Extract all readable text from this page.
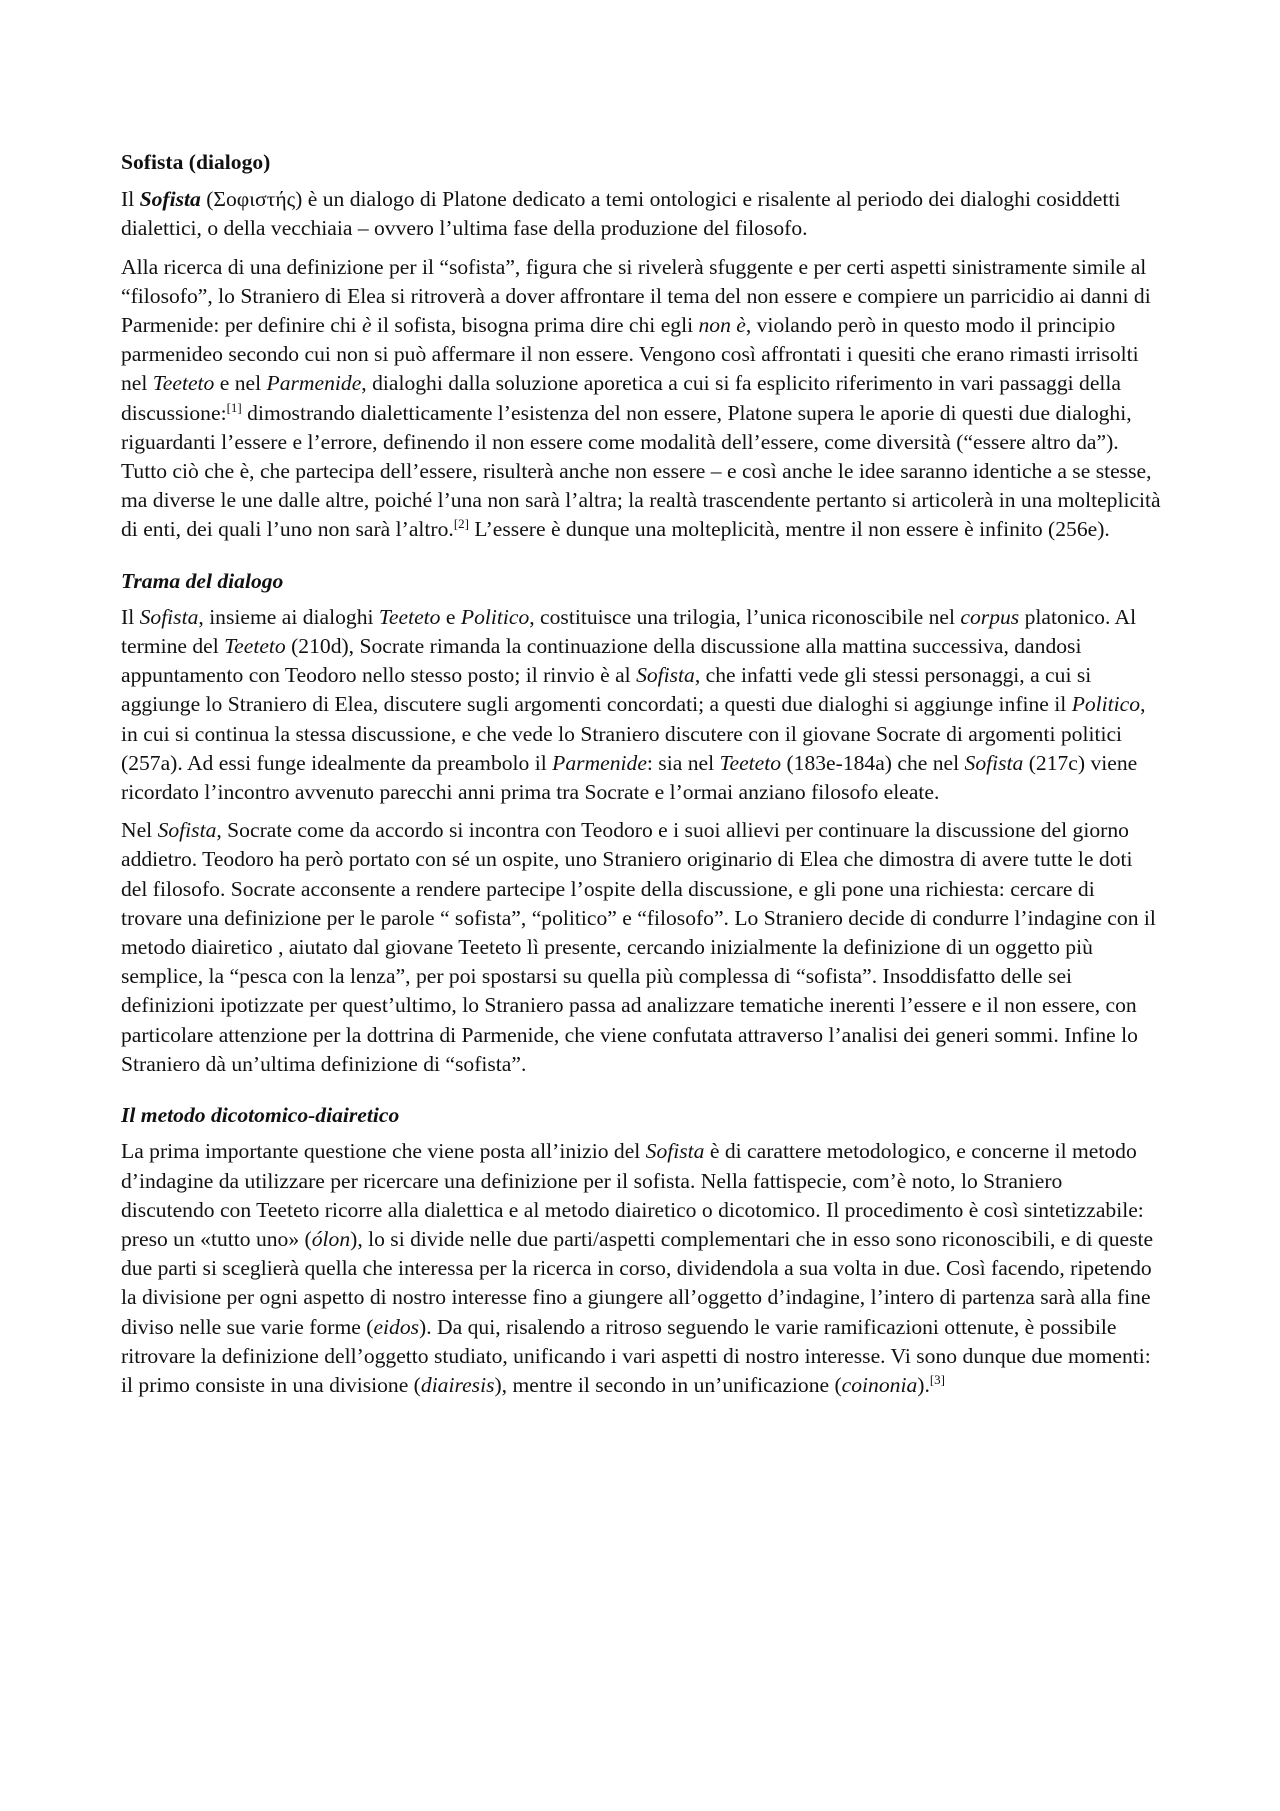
Sofista (dialogo)

Il Sofista (Σοφιστής) è un dialogo di Platone dedicato a temi ontologici e risalente al periodo dei dialoghi cosiddetti dialettici, o della vecchiaia – ovvero l’ultima fase della produzione del filosofo.

Alla ricerca di una definizione per il “sofista”, figura che si rivelerà sfuggente e per certi aspetti sinistramente simile al “filosofo”, lo Straniero di Elea si ritroverà a dover affrontare il tema del non essere e compiere un parricidio ai danni di Parmenide: per definire chi è il sofista, bisogna prima dire chi egli non è, violando però in questo modo il principio parmenideo secondo cui non si può affermare il non essere. Vengono così affrontati i quesiti che erano rimasti irrisolti nel Teeteto e nel Parmenide, dialoghi dalla soluzione aporetica a cui si fa esplicito riferimento in vari passaggi della discussione:[1] dimostrando dialetticamente l’esistenza del non essere, Platone supera le aporie di questi due dialoghi, riguardanti l’essere e l’errore, definendo il non essere come modalità dell’essere, come diversità (“essere altro da”). Tutto ciò che è, che partecipa dell’essere, risulterà anche non essere – e così anche le idee saranno identiche a se stesse, ma diverse le une dalle altre, poiché l’una non sarà l’altra; la realtà trascendente pertanto si articolerà in una molteplicità di enti, dei quali l’uno non sarà l’altro.[2] L’essere è dunque una molteplicità, mentre il non essere è infinito (256e).

Trama del dialogo

Il Sofista, insieme ai dialoghi Teeteto e Politico, costituisce una trilogia, l’unica riconoscibile nel corpus platonico. Al termine del Teeteto (210d), Socrate rimanda la continuazione della discussione alla mattina successiva, dandosi appuntamento con Teodoro nello stesso posto; il rinvio è al Sofista, che infatti vede gli stessi personaggi, a cui si aggiunge lo Straniero di Elea, discutere sugli argomenti concordati; a questi due dialoghi si aggiunge infine il Politico, in cui si continua la stessa discussione, e che vede lo Straniero discutere con il giovane Socrate di argomenti politici (257a). Ad essi funge idealmente da preambolo il Parmenide: sia nel Teeteto (183e-184a) che nel Sofista (217c) viene ricordato l’incontro avvenuto parecchi anni prima tra Socrate e l’ormai anziano filosofo eleate.

Nel Sofista, Socrate come da accordo si incontra con Teodoro e i suoi allievi per continuare la discussione del giorno addietro. Teodoro ha però portato con sé un ospite, uno Straniero originario di Elea che dimostra di avere tutte le doti del filosofo. Socrate acconsente a rendere partecipe l’ospite della discussione, e gli pone una richiesta: cercare di trovare una definizione per le parole “ sofista”, “politico” e “filosofo”. Lo Straniero decide di condurre l’indagine con il metodo diairetico , aiutato dal giovane Teeteto lì presente, cercando inizialmente la definizione di un oggetto più semplice, la “pesca con la lenza”, per poi spostarsi su quella più complessa di “sofista”. Insoddisfatto delle sei definizioni ipotizzate per quest’ultimo, lo Straniero passa ad analizzare tematiche inerenti l’essere e il non essere, con particolare attenzione per la dottrina di Parmenide, che viene confutata attraverso l’analisi dei generi sommi. Infine lo Straniero dà un’ultima definizione di “sofista”.

Il metodo dicotomico-diairetico

La prima importante questione che viene posta all’inizio del Sofista è di carattere metodologico, e concerne il metodo d’indagine da utilizzare per ricercare una definizione per il sofista. Nella fattispecie, com’è noto, lo Straniero discutendo con Teeteto ricorre alla dialettica e al metodo diairetico o dicotomico. Il procedimento è così sintetizzabile: preso un «tutto uno» (ólon), lo si divide nelle due parti/aspetti complementari che in esso sono riconoscibili, e di queste due parti si sceglierà quella che interessa per la ricerca in corso, dividendola a sua volta in due. Così facendo, ripetendo la divisione per ogni aspetto di nostro interesse fino a giungere all’oggetto d’indagine, l’intero di partenza sarà alla fine diviso nelle sue varie forme (eidos). Da qui, risalendo a ritroso seguendo le varie ramificazioni ottenute, è possibile ritrovare la definizione dell’oggetto studiato, unificando i vari aspetti di nostro interesse. Vi sono dunque due momenti: il primo consiste in una divisione (diairesis), mentre il secondo in un’unificazione (coinonia).[3]
